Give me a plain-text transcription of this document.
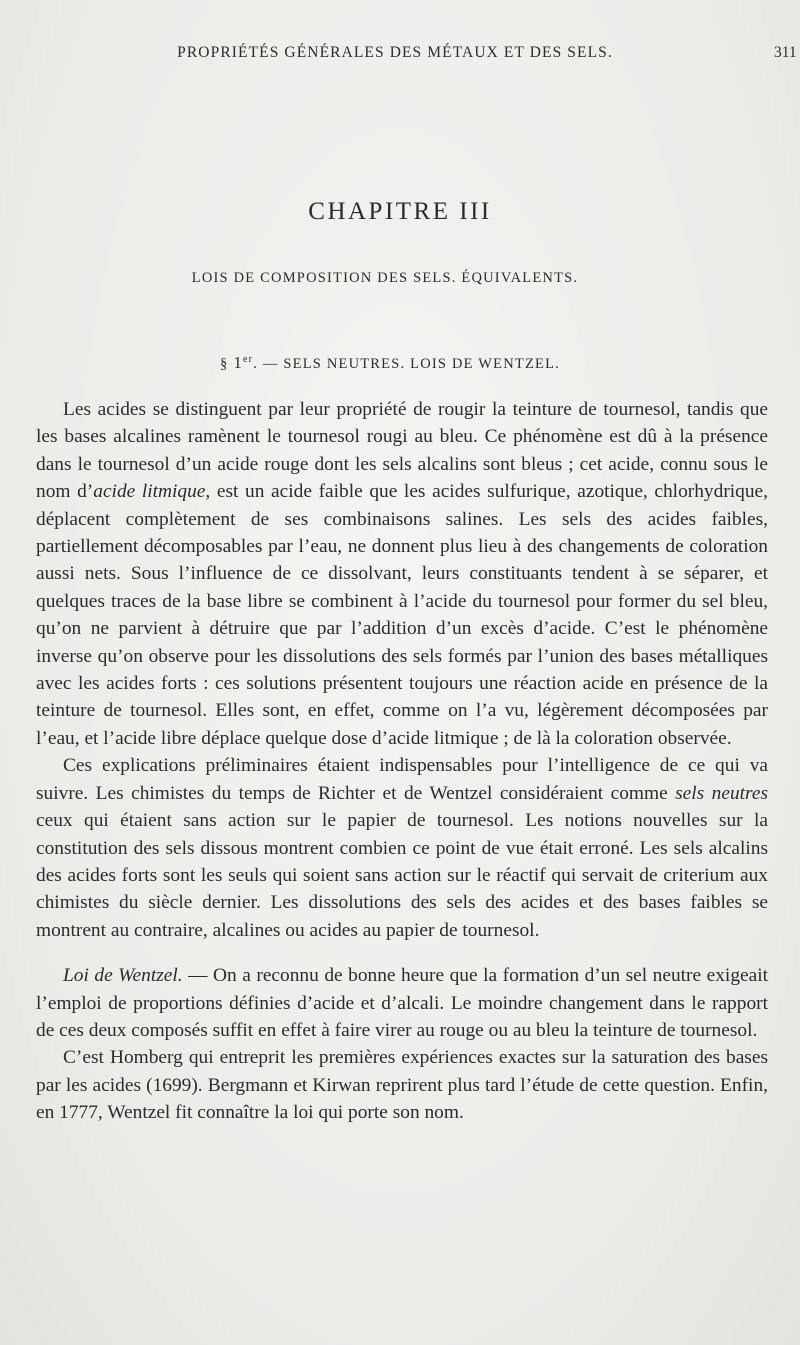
PROPRIÉTÉS GÉNÉRALES DES MÉTAUX ET DES SELS.	311
CHAPITRE III
LOIS DE COMPOSITION DES SELS. ÉQUIVALENTS.
§ 1er. — SELS NEUTRES. LOIS DE WENTZEL.

Les acides se distinguent par leur propriété de rougir la teinture de tournesol, tandis que les bases alcalines ramènent le tournesol rougi au bleu. Ce phénomène est dû à la présence dans le tournesol d’un acide rouge dont les sels alcalins sont bleus ; cet acide, connu sous le nom d’acide litmique, est un acide faible que les acides sulfurique, azotique, chlorhydrique, déplacent complètement de ses combinaisons salines. Les sels des acides faibles, partiellement décomposables par l’eau, ne donnent plus lieu à des changements de coloration aussi nets. Sous l’influence de ce dissolvant, leurs constituants tendent à se séparer, et quelques traces de la base libre se combinent à l’acide du tournesol pour former du sel bleu, qu’on ne parvient à détruire que par l’addition d’un excès d’acide. C’est le phénomène inverse qu’on observe pour les dissolutions des sels formés par l’union des bases métalliques avec les acides forts : ces solutions présentent toujours une réaction acide en présence de la teinture de tournesol. Elles sont, en effet, comme on l’a vu, légèrement décomposées par l’eau, et l’acide libre déplace quelque dose d’acide litmique ; de là la coloration observée.

Ces explications préliminaires étaient indispensables pour l’intelligence de ce qui va suivre. Les chimistes du temps de Richter et de Wentzel considéraient comme sels neutres ceux qui étaient sans action sur le papier de tournesol. Les notions nouvelles sur la constitution des sels dissous montrent combien ce point de vue était erroné. Les sels alcalins des acides forts sont les seuls qui soient sans action sur le réactif qui servait de criterium aux chimistes du siècle dernier. Les dissolutions des sels des acides et des bases faibles se montrent au contraire, alcalines ou acides au papier de tournesol.

Loi de Wentzel. — On a reconnu de bonne heure que la formation d’un sel neutre exigeait l’emploi de proportions définies d’acide et d’alcali. Le moindre changement dans le rapport de ces deux composés suffit en effet à faire virer au rouge ou au bleu la teinture de tournesol.

C’est Homberg qui entreprit les premières expériences exactes sur la saturation des bases par les acides (1699). Bergmann et Kirwan reprirent plus tard l’étude de cette question. Enfin, en 1777, Wentzel fit connaître la loi qui porte son nom.
